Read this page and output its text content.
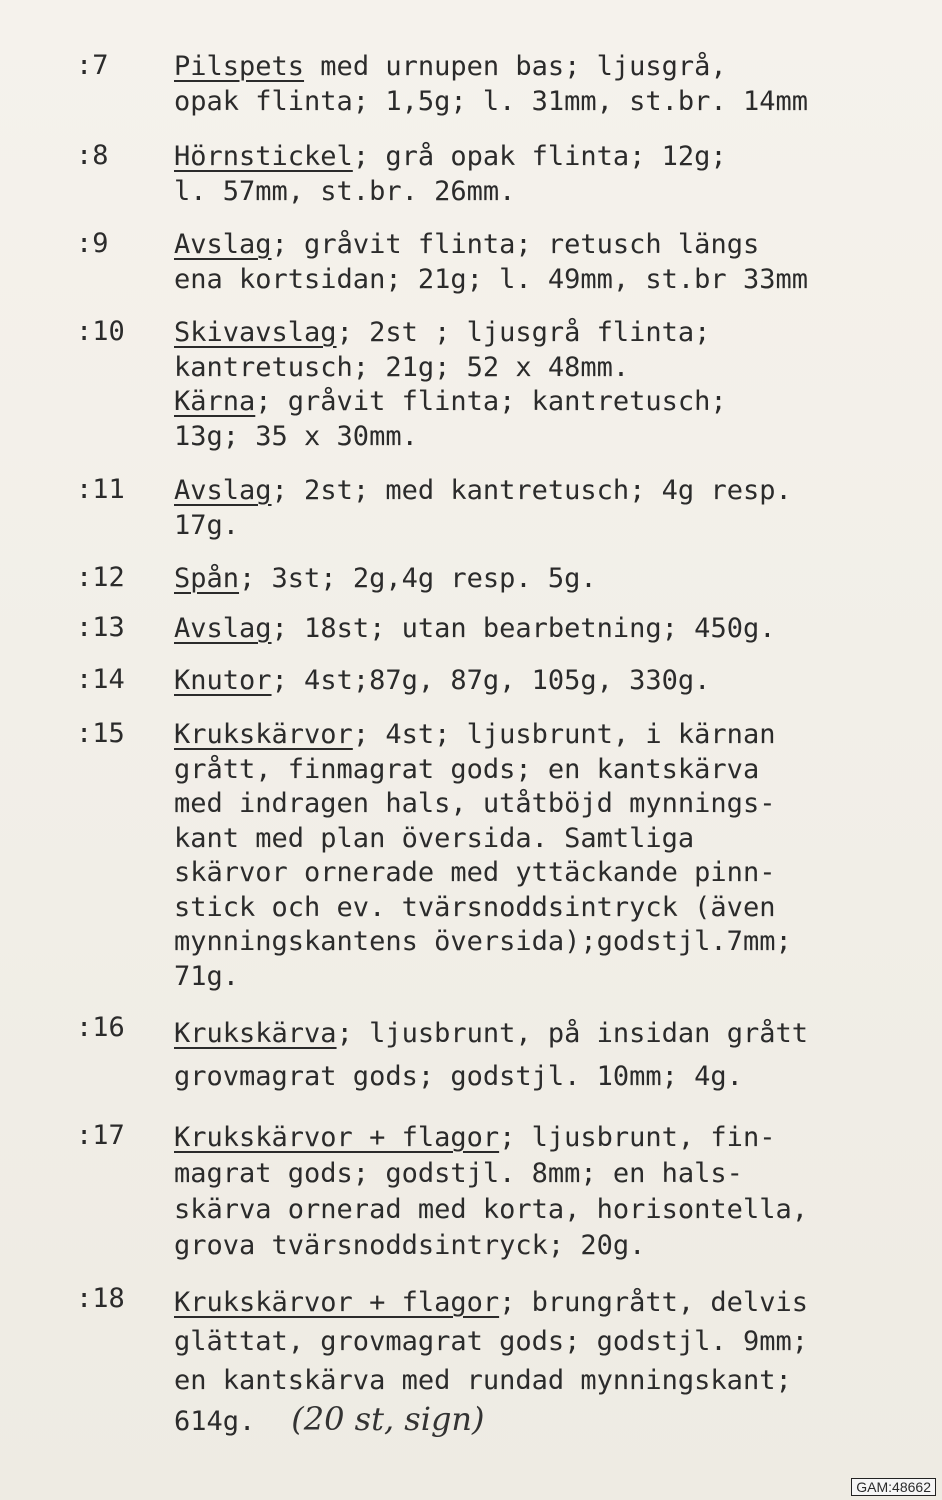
:7 Pilspets med urnupen bas; ljusgrå,
opak flinta; 1,5g; l. 31mm, st.br. 14mm
:8 Hörnstickel; grå opak flinta; 12g;
l. 57mm, st.br. 26mm.
:9 Avslag; gråvit flinta; retusch längs
ena kortsidan; 21g; l. 49mm, st.br 33mm
:10 Skivavslag; 2st ; ljusgrå flinta;
kantretusch; 21g; 52 x 48mm.
Kärna; gråvit flinta; kantretusch;
13g; 35 x 30mm.
:11 Avslag; 2st; med kantretusch; 4g resp.
17g.
:12 Spån; 3st; 2g,4g resp. 5g.
:13 Avslag; 18st; utan bearbetning; 450g.
:14 Knutor; 4st;87g, 87g, 105g, 330g.
:15 Krukskärvor; 4st; ljusbrunt, i kärnan
grått, finmagrat gods; en kantskärva
med indragen hals, utåtböjd mynnings-
kant med plan översida. Samtliga
skärvor ornerade med yttäckande pinn-
stick och ev. tvärsnoddsintryck (även
mynningskantens översida);godstjl.7mm;
71g.
:16 Krukskärva; ljusbrunt, på insidan grått
grovmagrat gods; godstjl. 10mm; 4g.
:17 Krukskärvor + flagor; ljusbrunt, fin-
magrat gods; godstjl. 8mm; en hals-
skärva ornerad med korta, horisontella,
grova tvärsnoddsintryck; 20g.
:18 Krukskärvor + flagor; brungrått, delvis
glättat, grovmagrat gods; godstjl. 9mm;
en kantskärva med rundad mynningskant;
614g. (20 st, sign)
GAM:48662
